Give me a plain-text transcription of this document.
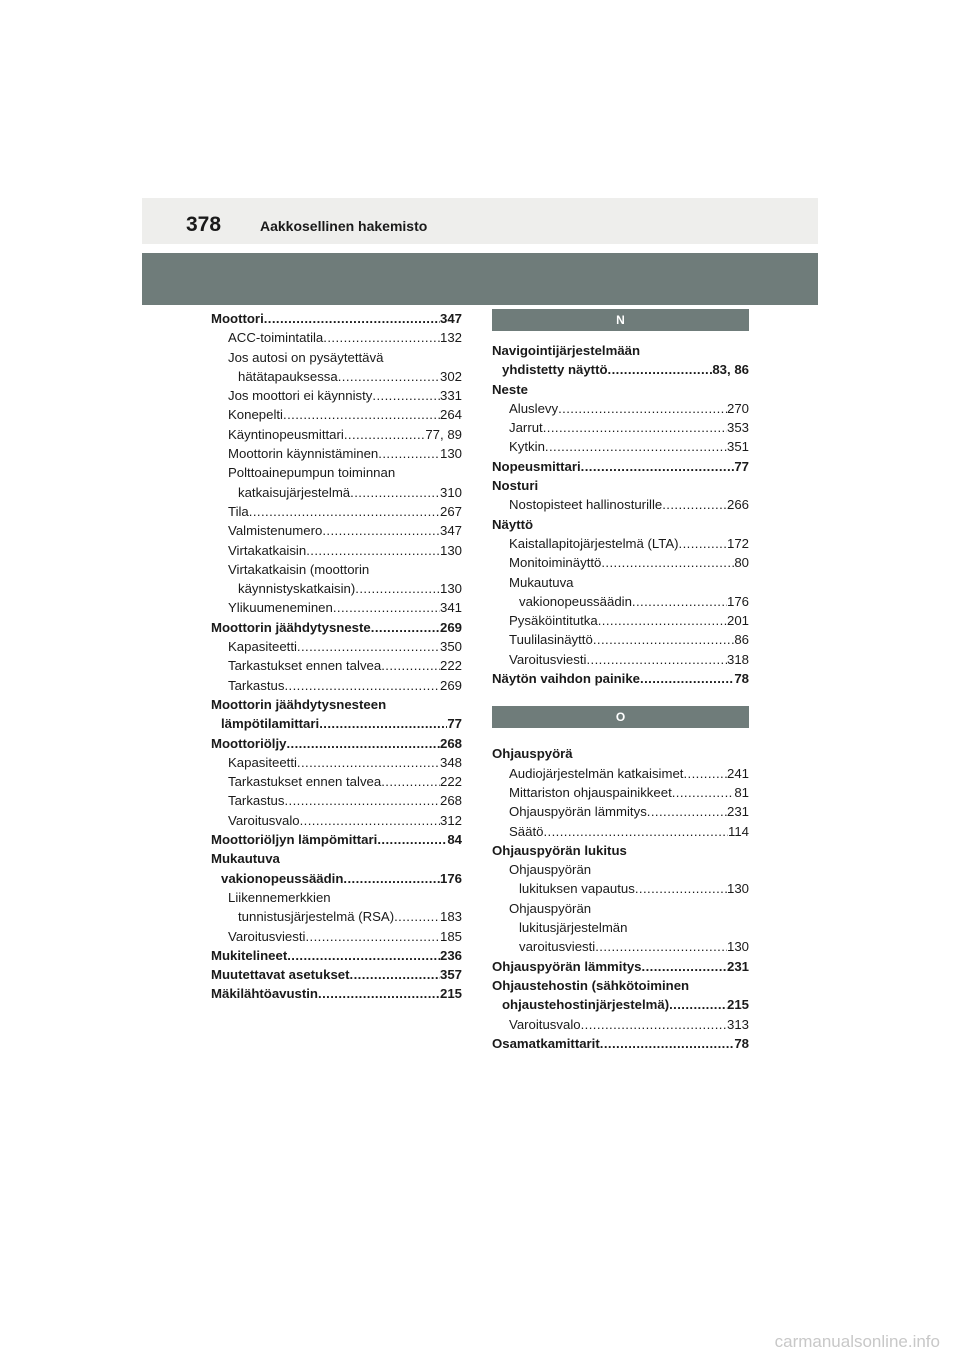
378	Aakkosellinen hakemisto
Moottori .....	347
ACC-toimintatila .....	132
Jos autosi on pysäytettävä
hätätapauksessa .....	302
Jos moottori ei käynnisty .....	331
Konepelti .....	264
Käyntinopeusmittari .....	77, 89
Moottorin käynnistäminen .....	130
Polttoainepumpun toiminnan
katkaisujärjestelmä .....	310
Tila .....	267
Valmistenumero .....	347
Virtakatkaisin .....	130
Virtakatkaisin (moottorin
käynnistyskatkaisin) .....	130
Ylikuumeneminen .....	341
Moottorin jäähdytysneste .....	269
Kapasiteetti .....	350
Tarkastukset ennen talvea .....	222
Tarkastus .....	269
Moottorin jäähdytysnesteen
lämpötilamittari .....	77
Moottoriöljy .....	268
Kapasiteetti .....	348
Tarkastukset ennen talvea .....	222
Tarkastus .....	268
Varoitusvalo .....	312
Moottoriöljyn lämpömittari .....	84
Mukautuva
vakionopeussäädin .....	176
Liikennemerkkien
tunnistusjärjestelmä (RSA) .....	183
Varoitusviesti .....	185
Mukitelineet .....	236
Muutettavat asetukset .....	357
Mäkilähtöavustin .....	215
N
Navigointijärjestelmään
yhdistetty näyttö .....	83, 86
Neste
Aluslevy .....	270
Jarrut .....	353
Kytkin .....	351
Nopeusmittari .....	77
Nosturi
Nostopisteet hallinosturille .....	266
Näyttö
Kaistallapitojärjestelmä (LTA) .....	172
Monitoiminäyttö .....	80
Mukautuva
vakionopeussäädin .....	176
Pysäköintitutka .....	201
Tuulilasinäyttö .....	86
Varoitusviesti .....	318
Näytön vaihdon painike .....	78
O
Ohjauspyörä
Audiojärjestelmän katkaisimet .....	241
Mittariston ohjauspainikkeet .....	81
Ohjauspyörän lämmitys .....	231
Säätö .....	114
Ohjauspyörän lukitus
Ohjauspyörän
lukituksen vapautus .....	130
Ohjauspyörän
lukitusjärjestelmän
varoitusviesti .....	130
Ohjauspyörän lämmitys .....	231
Ohjaustehostin (sähkötoiminen
ohjaustehostinjärjestelmä) .....	215
Varoitusvalo .....	313
Osamatkamittarit .....	78
carmanualsonline.info
